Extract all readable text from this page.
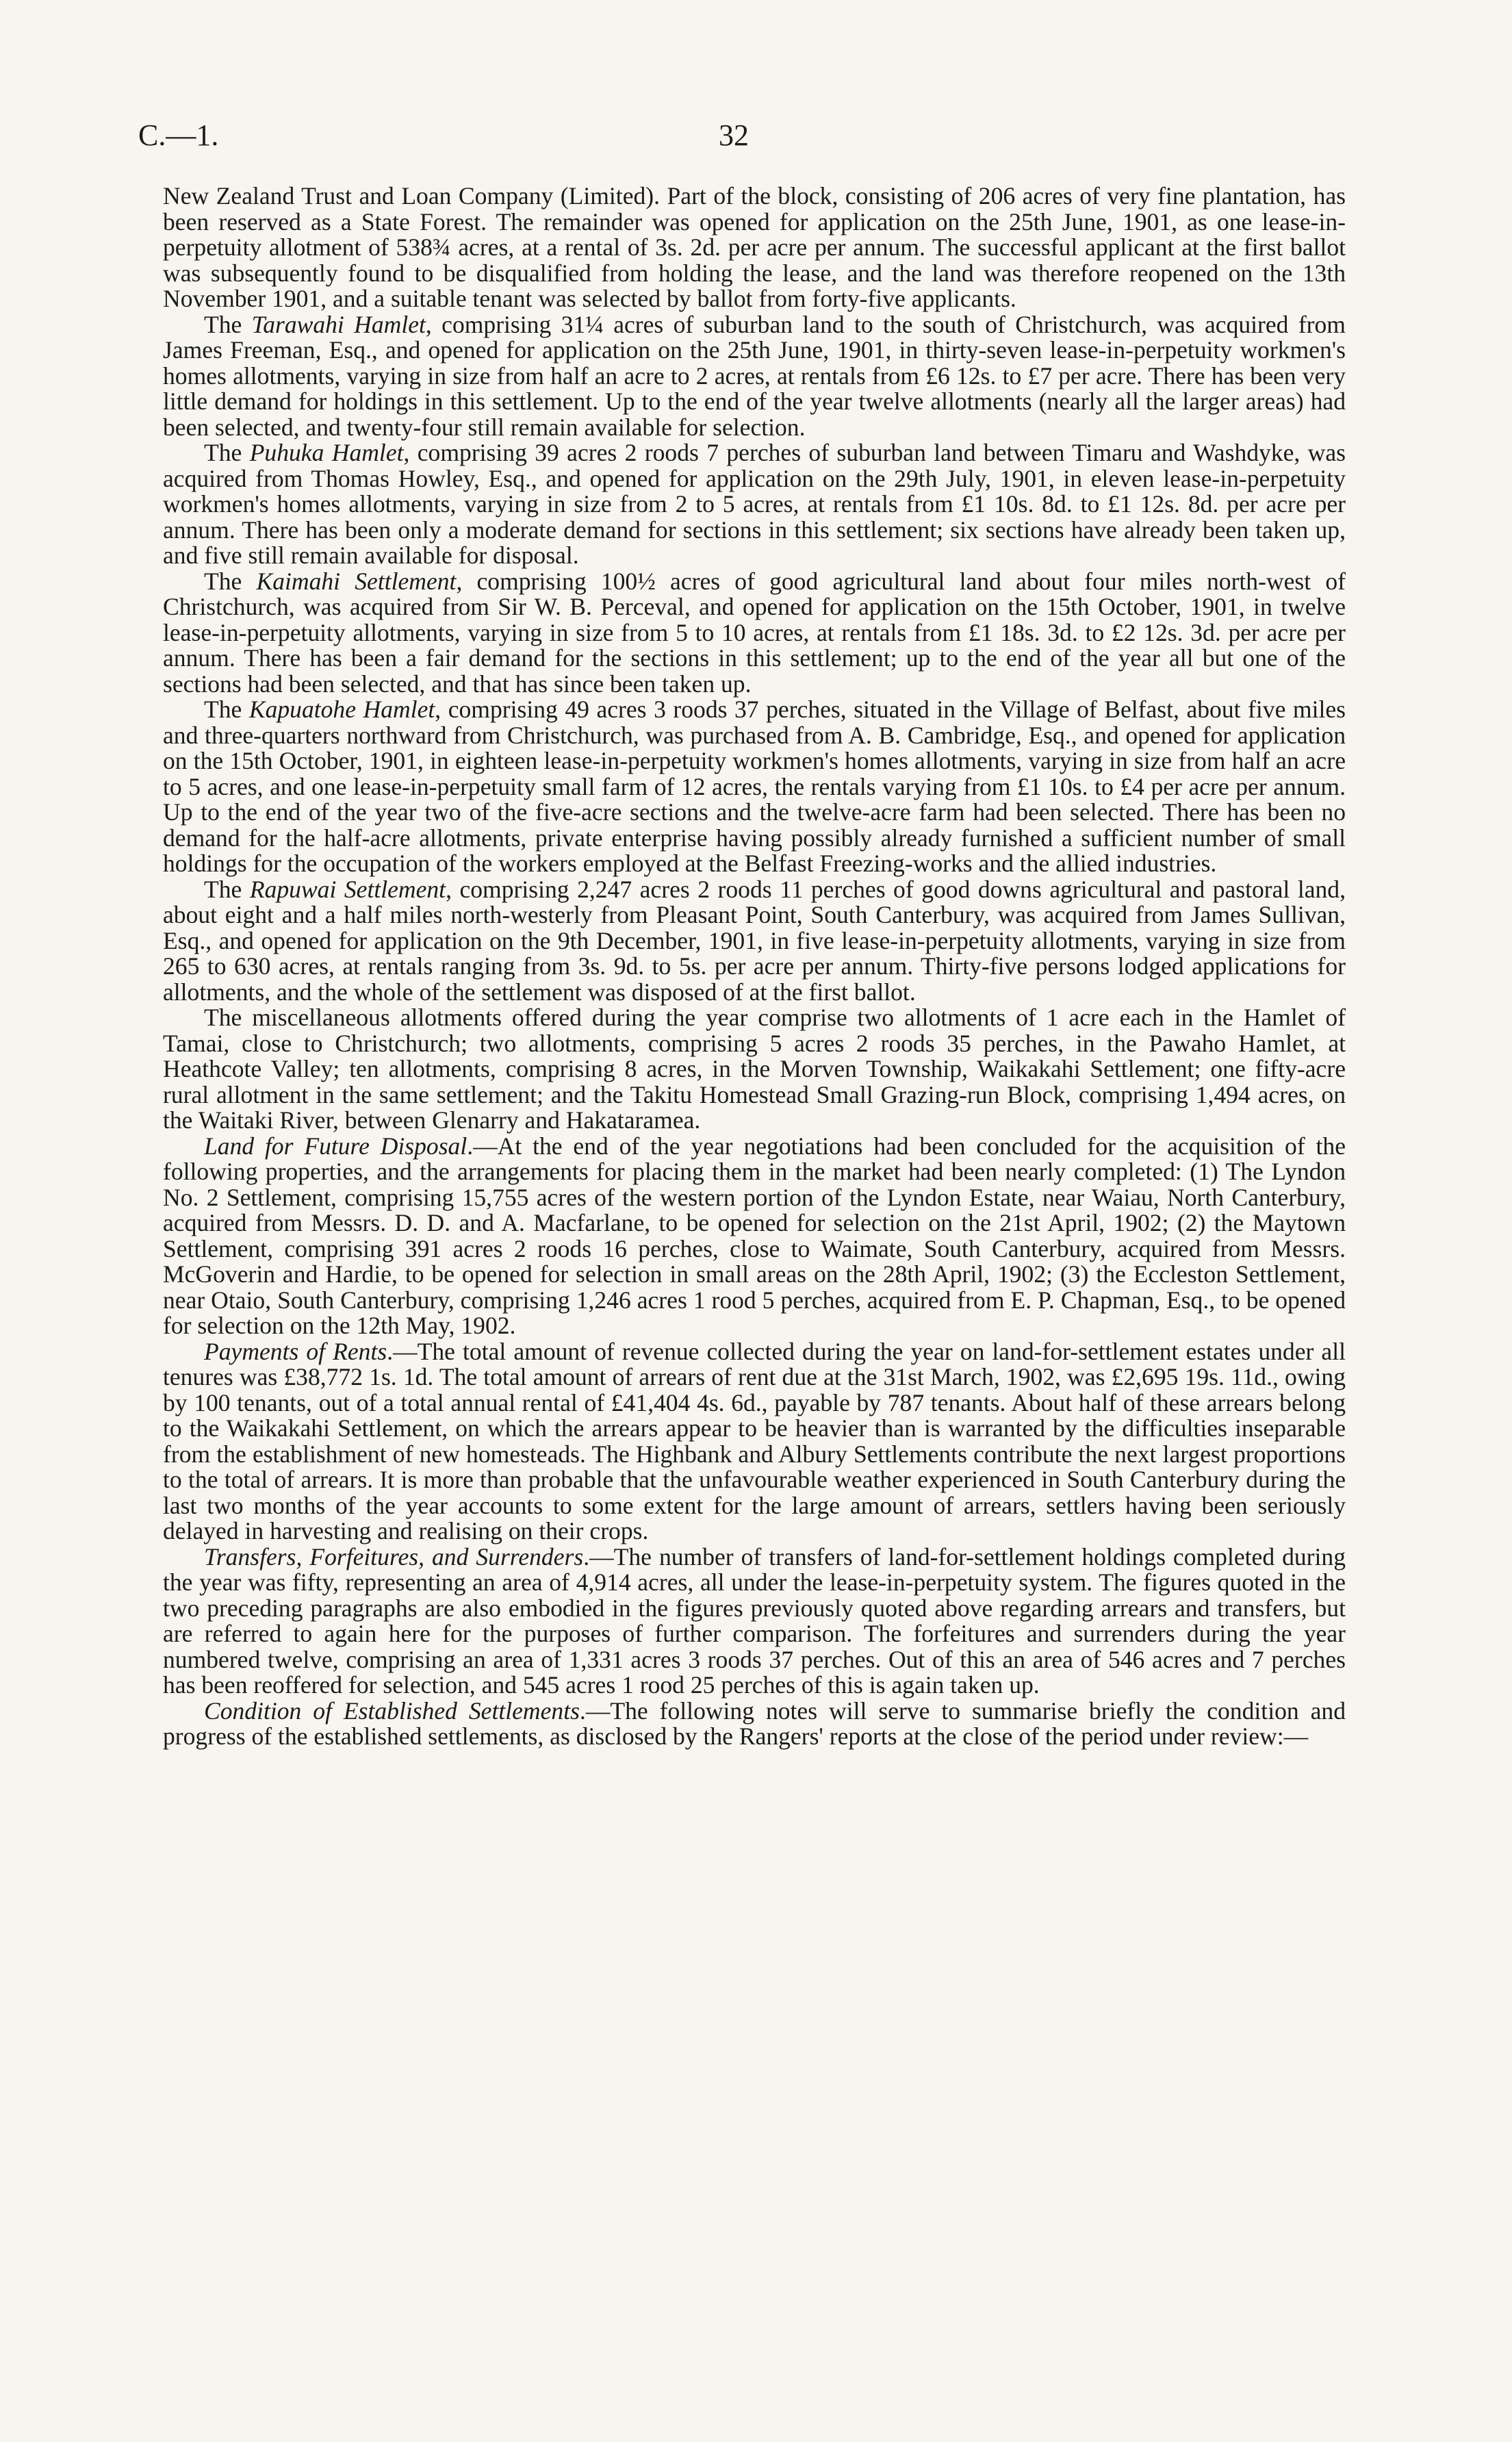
C.—1.	32

New Zealand Trust and Loan Company (Limited). Part of the block, consisting of 206 acres of very fine plantation, has been reserved as a State Forest. The remainder was opened for application on the 25th June, 1901, as one lease-in-perpetuity allotment of 538¾ acres, at a rental of 3s. 2d. per acre per annum. The successful applicant at the first ballot was subsequently found to be disqualified from holding the lease, and the land was therefore reopened on the 13th November 1901, and a suitable tenant was selected by ballot from forty-five applicants.

The Tarawahi Hamlet, comprising 31¼ acres of suburban land to the south of Christchurch, was acquired from James Freeman, Esq., and opened for application on the 25th June, 1901, in thirty-seven lease-in-perpetuity workmen's homes allotments, varying in size from half an acre to 2 acres, at rentals from £6 12s. to £7 per acre. There has been very little demand for holdings in this settlement. Up to the end of the year twelve allotments (nearly all the larger areas) had been selected, and twenty-four still remain available for selection.

The Puhuka Hamlet, comprising 39 acres 2 roods 7 perches of suburban land between Timaru and Washdyke, was acquired from Thomas Howley, Esq., and opened for application on the 29th July, 1901, in eleven lease-in-perpetuity workmen's homes allotments, varying in size from 2 to 5 acres, at rentals from £1 10s. 8d. to £1 12s. 8d. per acre per annum. There has been only a moderate demand for sections in this settlement; six sections have already been taken up, and five still remain available for disposal.

The Kaimahi Settlement, comprising 100½ acres of good agricultural land about four miles north-west of Christchurch, was acquired from Sir W. B. Perceval, and opened for application on the 15th October, 1901, in twelve lease-in-perpetuity allotments, varying in size from 5 to 10 acres, at rentals from £1 18s. 3d. to £2 12s. 3d. per acre per annum. There has been a fair demand for the sections in this settlement; up to the end of the year all but one of the sections had been selected, and that has since been taken up.

The Kapuatohe Hamlet, comprising 49 acres 3 roods 37 perches, situated in the Village of Belfast, about five miles and three-quarters northward from Christchurch, was purchased from A. B. Cambridge, Esq., and opened for application on the 15th October, 1901, in eighteen lease-in-perpetuity workmen's homes allotments, varying in size from half an acre to 5 acres, and one lease-in-perpetuity small farm of 12 acres, the rentals varying from £1 10s. to £4 per acre per annum. Up to the end of the year two of the five-acre sections and the twelve-acre farm had been selected. There has been no demand for the half-acre allotments, private enterprise having possibly already furnished a sufficient number of small holdings for the occupation of the workers employed at the Belfast Freezing-works and the allied industries.

The Rapuwai Settlement, comprising 2,247 acres 2 roods 11 perches of good downs agricultural and pastoral land, about eight and a half miles north-westerly from Pleasant Point, South Canterbury, was acquired from James Sullivan, Esq., and opened for application on the 9th December, 1901, in five lease-in-perpetuity allotments, varying in size from 265 to 630 acres, at rentals ranging from 3s. 9d. to 5s. per acre per annum. Thirty-five persons lodged applications for allotments, and the whole of the settlement was disposed of at the first ballot.

The miscellaneous allotments offered during the year comprise two allotments of 1 acre each in the Hamlet of Tamai, close to Christchurch; two allotments, comprising 5 acres 2 roods 35 perches, in the Pawaho Hamlet, at Heathcote Valley; ten allotments, comprising 8 acres, in the Morven Township, Waikakahi Settlement; one fifty-acre rural allotment in the same settlement; and the Takitu Homestead Small Grazing-run Block, comprising 1,494 acres, on the Waitaki River, between Glenarry and Hakataramea.

Land for Future Disposal.—At the end of the year negotiations had been concluded for the acquisition of the following properties, and the arrangements for placing them in the market had been nearly completed: (1) The Lyndon No. 2 Settlement, comprising 15,755 acres of the western portion of the Lyndon Estate, near Waiau, North Canterbury, acquired from Messrs. D. D. and A. Macfarlane, to be opened for selection on the 21st April, 1902; (2) the Maytown Settlement, comprising 391 acres 2 roods 16 perches, close to Waimate, South Canterbury, acquired from Messrs. McGoverin and Hardie, to be opened for selection in small areas on the 28th April, 1902; (3) the Eccleston Settlement, near Otaio, South Canterbury, comprising 1,246 acres 1 rood 5 perches, acquired from E. P. Chapman, Esq., to be opened for selection on the 12th May, 1902.

Payments of Rents.—The total amount of revenue collected during the year on land-for-settlement estates under all tenures was £38,772 1s. 1d. The total amount of arrears of rent due at the 31st March, 1902, was £2,695 19s. 11d., owing by 100 tenants, out of a total annual rental of £41,404 4s. 6d., payable by 787 tenants. About half of these arrears belong to the Waikakahi Settlement, on which the arrears appear to be heavier than is warranted by the difficulties inseparable from the establishment of new homesteads. The Highbank and Albury Settlements contribute the next largest proportions to the total of arrears. It is more than probable that the unfavourable weather experienced in South Canterbury during the last two months of the year accounts to some extent for the large amount of arrears, settlers having been seriously delayed in harvesting and realising on their crops.

Transfers, Forfeitures, and Surrenders.—The number of transfers of land-for-settlement holdings completed during the year was fifty, representing an area of 4,914 acres, all under the lease-in-perpetuity system. The figures quoted in the two preceding paragraphs are also embodied in the figures previously quoted above regarding arrears and transfers, but are referred to again here for the purposes of further comparison. The forfeitures and surrenders during the year numbered twelve, comprising an area of 1,331 acres 3 roods 37 perches. Out of this an area of 546 acres and 7 perches has been reoffered for selection, and 545 acres 1 rood 25 perches of this is again taken up.

Condition of Established Settlements.—The following notes will serve to summarise briefly the condition and progress of the established settlements, as disclosed by the Rangers' reports at the close of the period under review:—
